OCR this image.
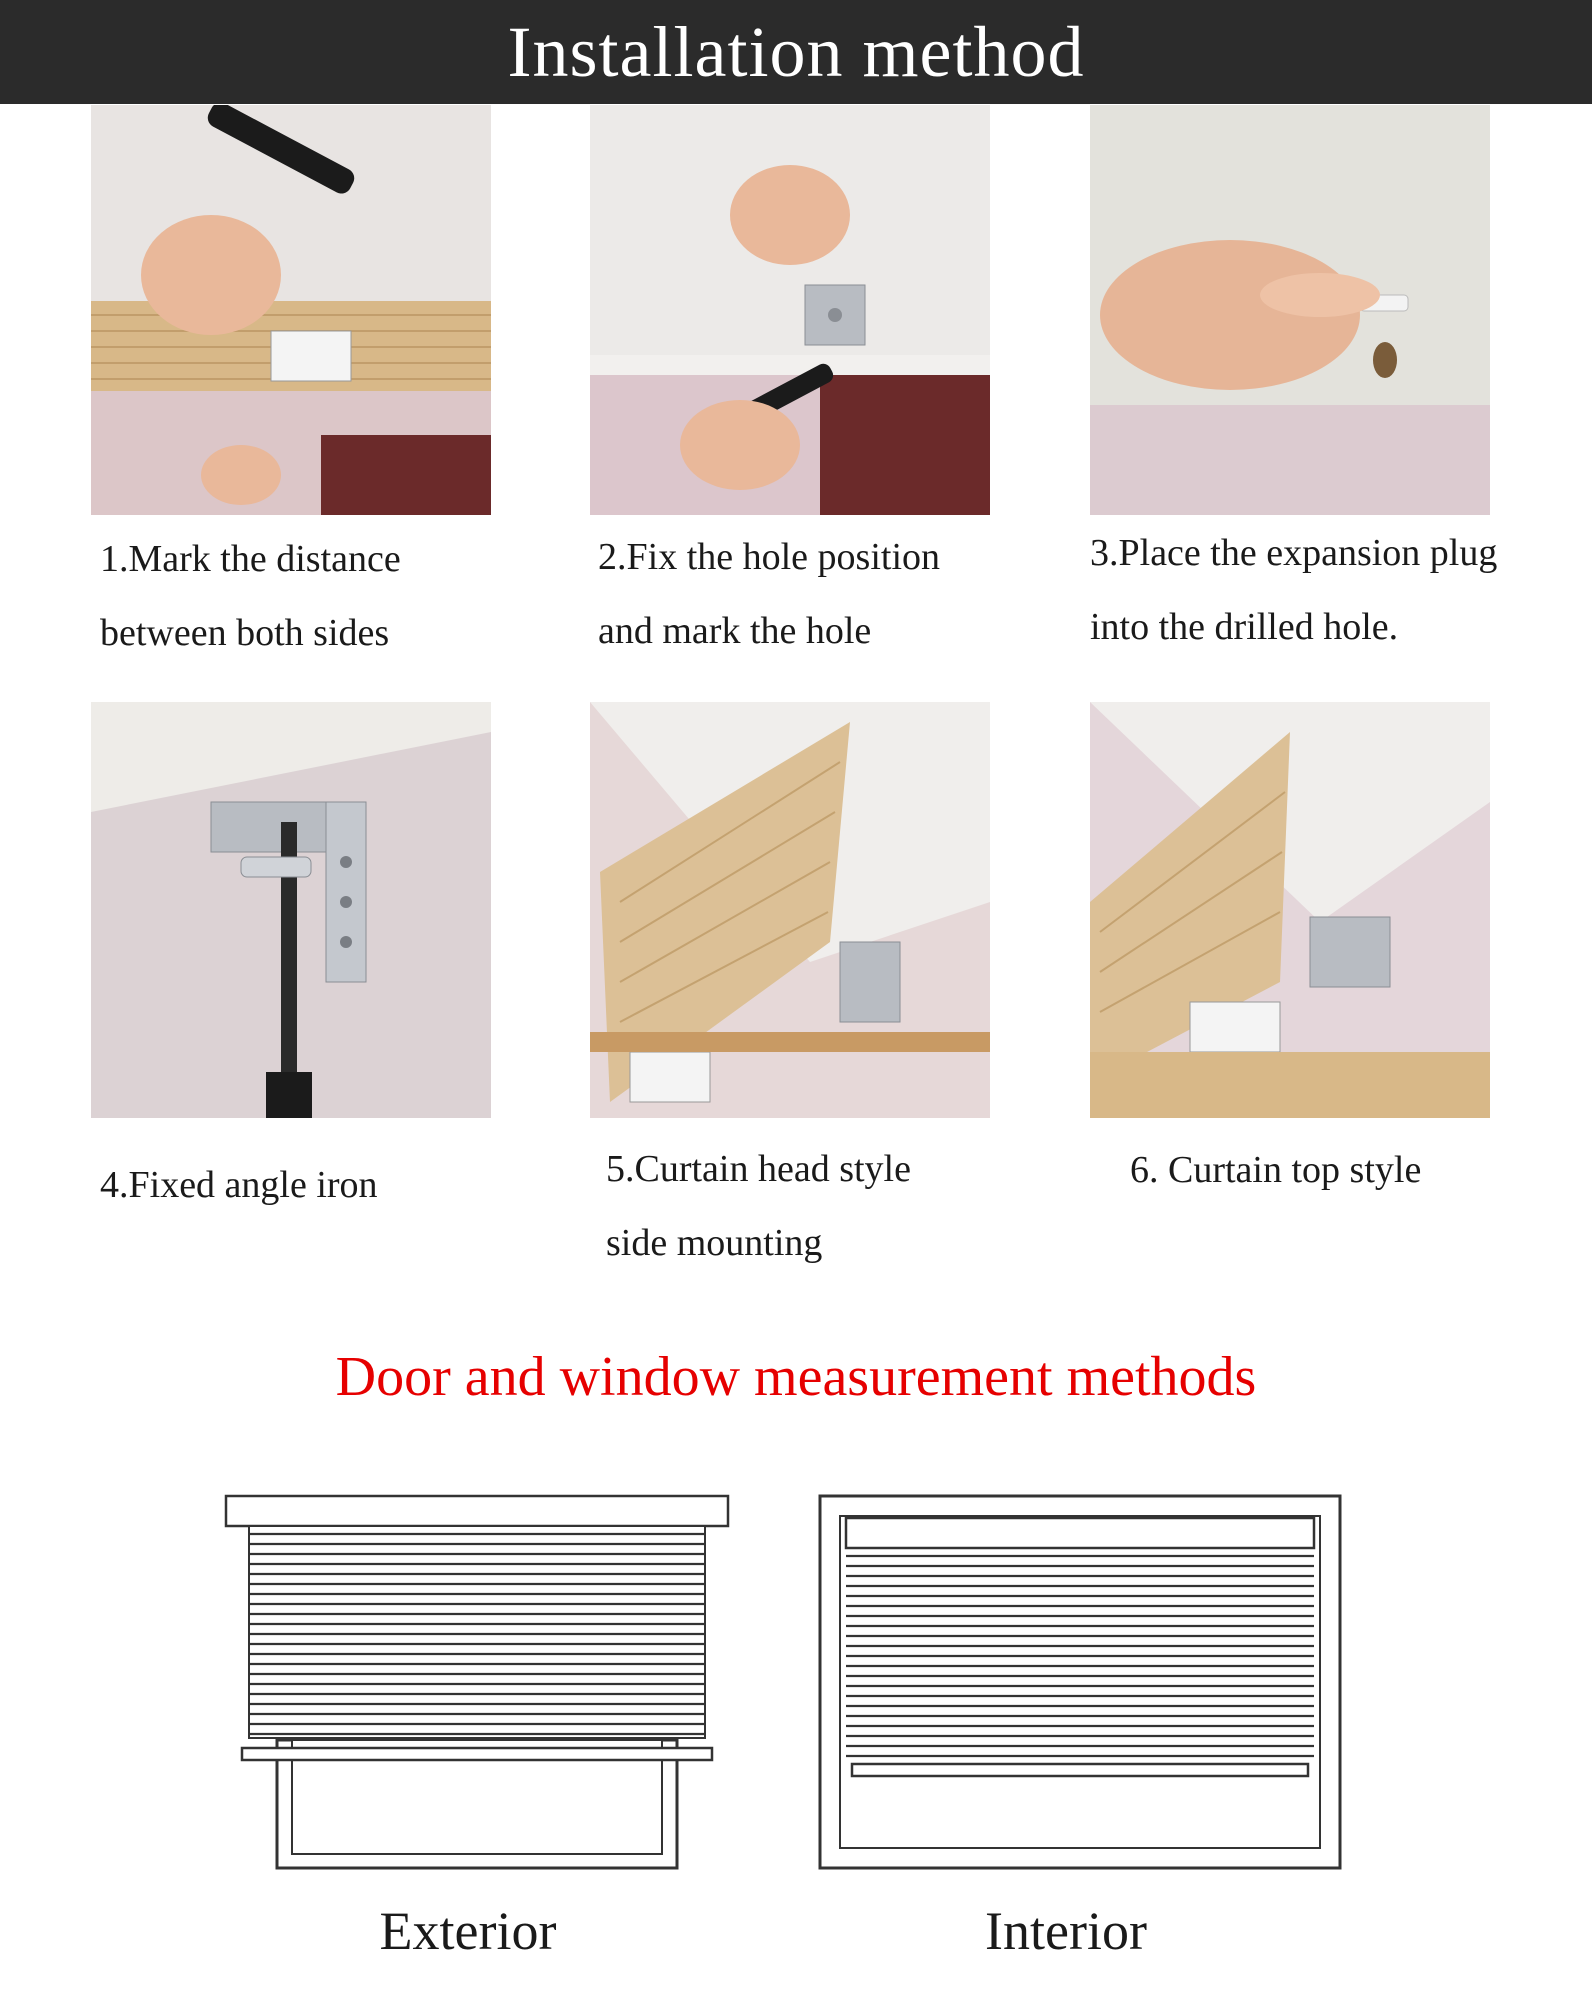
Installation method
1.Mark the distance
between both sides
2.Fix the hole position
and mark the hole
3.Place the expansion plug
into the drilled hole.
4.Fixed angle iron	5.Curtain head style
side mounting
6. Curtain top style
Door and window measurement methods
Exterior	Interior
